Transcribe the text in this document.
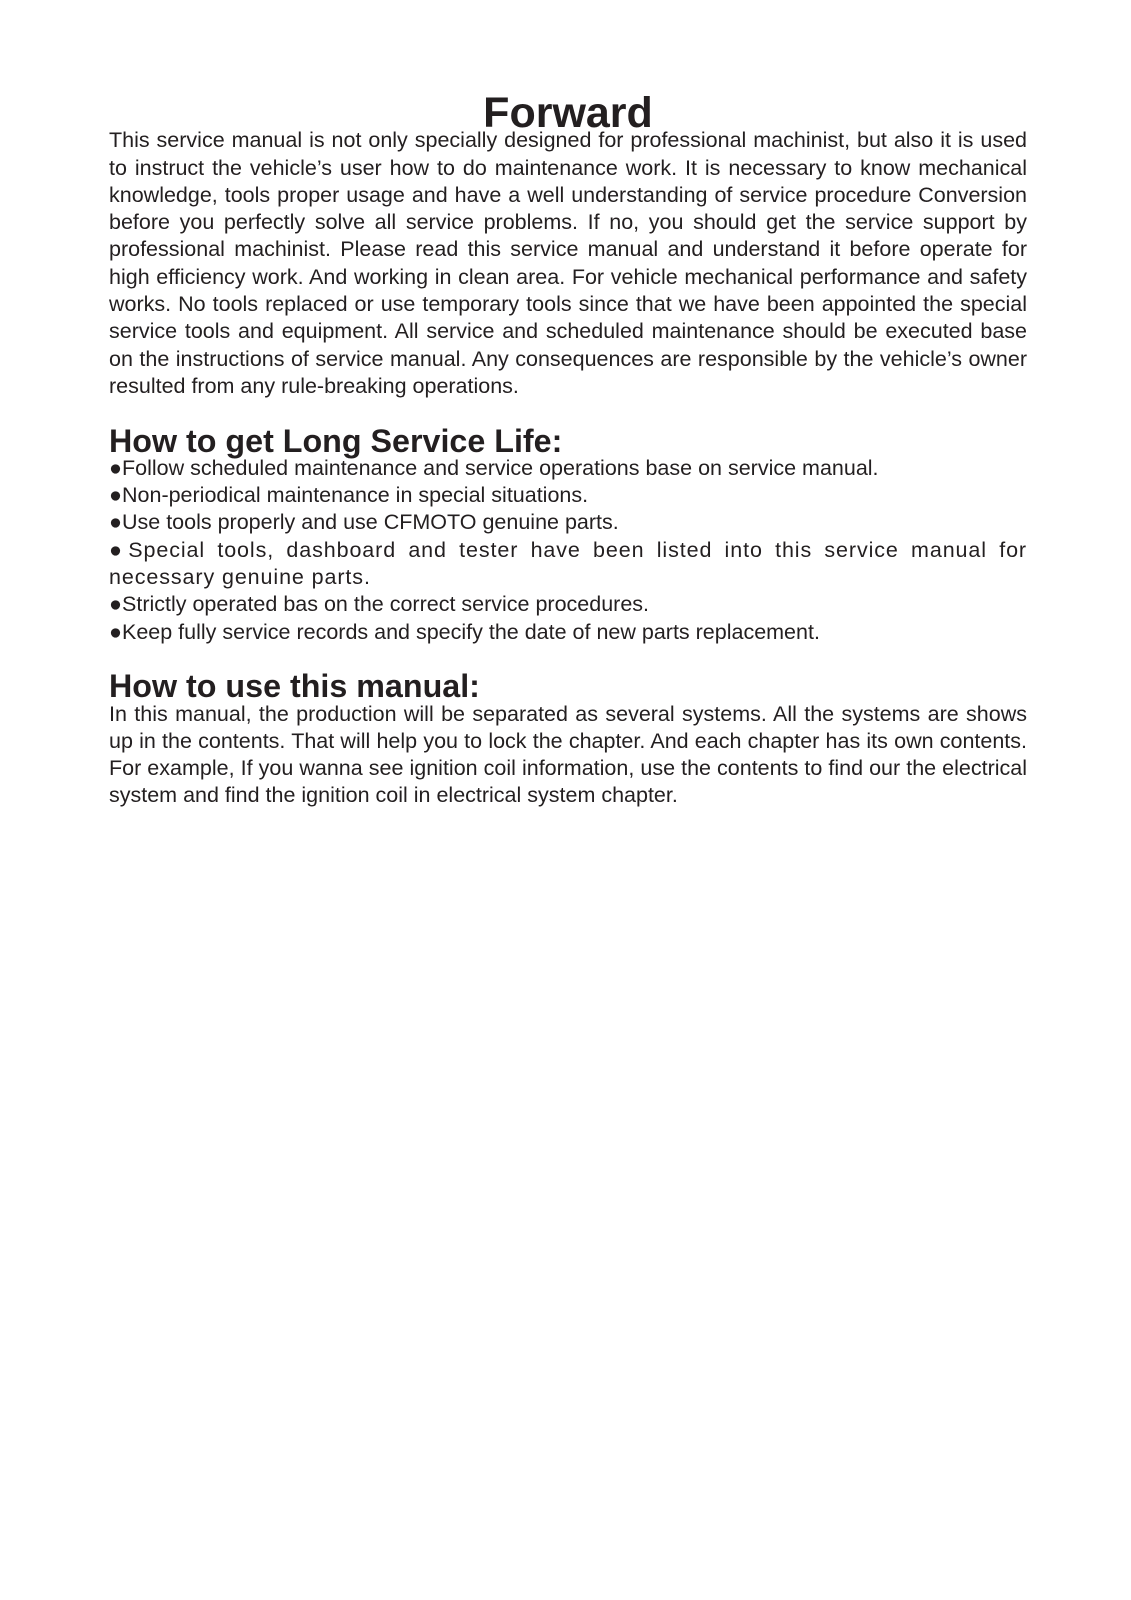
Forward

This service manual is not only specially designed for professional machinist, but also it is used to instruct the vehicle’s user how to do maintenance work. It is necessary to know mechanical knowledge, tools proper usage and have a well understanding of service procedure Conversion before you perfectly solve all service problems. If no, you should get the service support by professional machinist. Please read this service manual and understand it before operate for high efficiency work. And working in clean area. For vehicle mechanical performance and safety works. No tools replaced or use temporary tools since that we have been appointed the special service tools and equipment. All service and scheduled maintenance should be executed base on the instructions of service manual. Any consequences are responsible by the vehicle’s owner resulted from any rule-breaking operations.

How to get Long Service Life:
●Follow scheduled maintenance and service operations base on service manual.
●Non-periodical maintenance in special situations.
●Use tools properly and use CFMOTO genuine parts.
●Special tools, dashboard and tester have been listed into this service manual for necessary genuine parts.
●Strictly operated bas on the correct service procedures.
●Keep fully service records and specify the date of new parts replacement.
How to use this manual:

In this manual, the production will be separated as several systems. All the systems are shows up in the contents. That will help you to lock the chapter. And each chapter has its own contents. For example, If you wanna see ignition coil information, use the contents to find our the electrical system and find the ignition coil in electrical system chapter.
